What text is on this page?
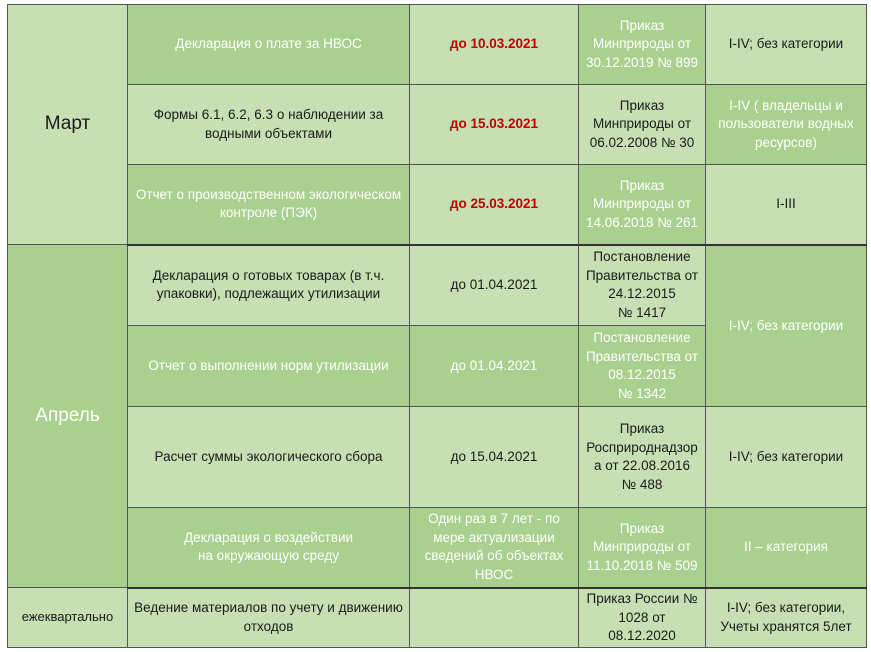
Март	Декларация о плате за НВОС	до 10.03.2021	Приказ
Минприроды от
30.12.2019 № 899	I-IV; без категории
	Формы 6.1, 6.2, 6.3 о наблюдении за водными объектами	до 15.03.2021	Приказ
Минприроды от
06.02.2008 № 30	I-IV ( владельцы и пользователи водных ресурсов)
	Отчет о производственном экологическом контроле (ПЭК)	до 25.03.2021	Приказ
Минприроды от
14.06.2018 № 261	I-III
Апрель	Декларация о готовых товарах (в т.ч. упаковки), подлежащих утилизации	до 01.04.2021	Постановление
Правительства от
24.12.2015
№ 1417	I-IV; без категории
	Отчет о выполнении норм утилизации	до 01.04.2021	Постановление
Правительства от
08.12.2015
№ 1342	

	Расчет суммы экологического сбора	до 15.04.2021	Приказ
Росприроднадзор
а от 22.08.2016
№ 488	I-IV; без категории

	Декларация о воздействии
на окружающую среду	Один раз в 7 лет - по мере актуализации сведений об объектах НВОС	Приказ
Минприроды от
11.10.2018 № 509	II – категория
ежеквартально	Ведение материалов по учету и движению отходов		Приказ России №
1028 от
08.12.2020	I-IV; без категории,
Учеты хранятся 5лет
